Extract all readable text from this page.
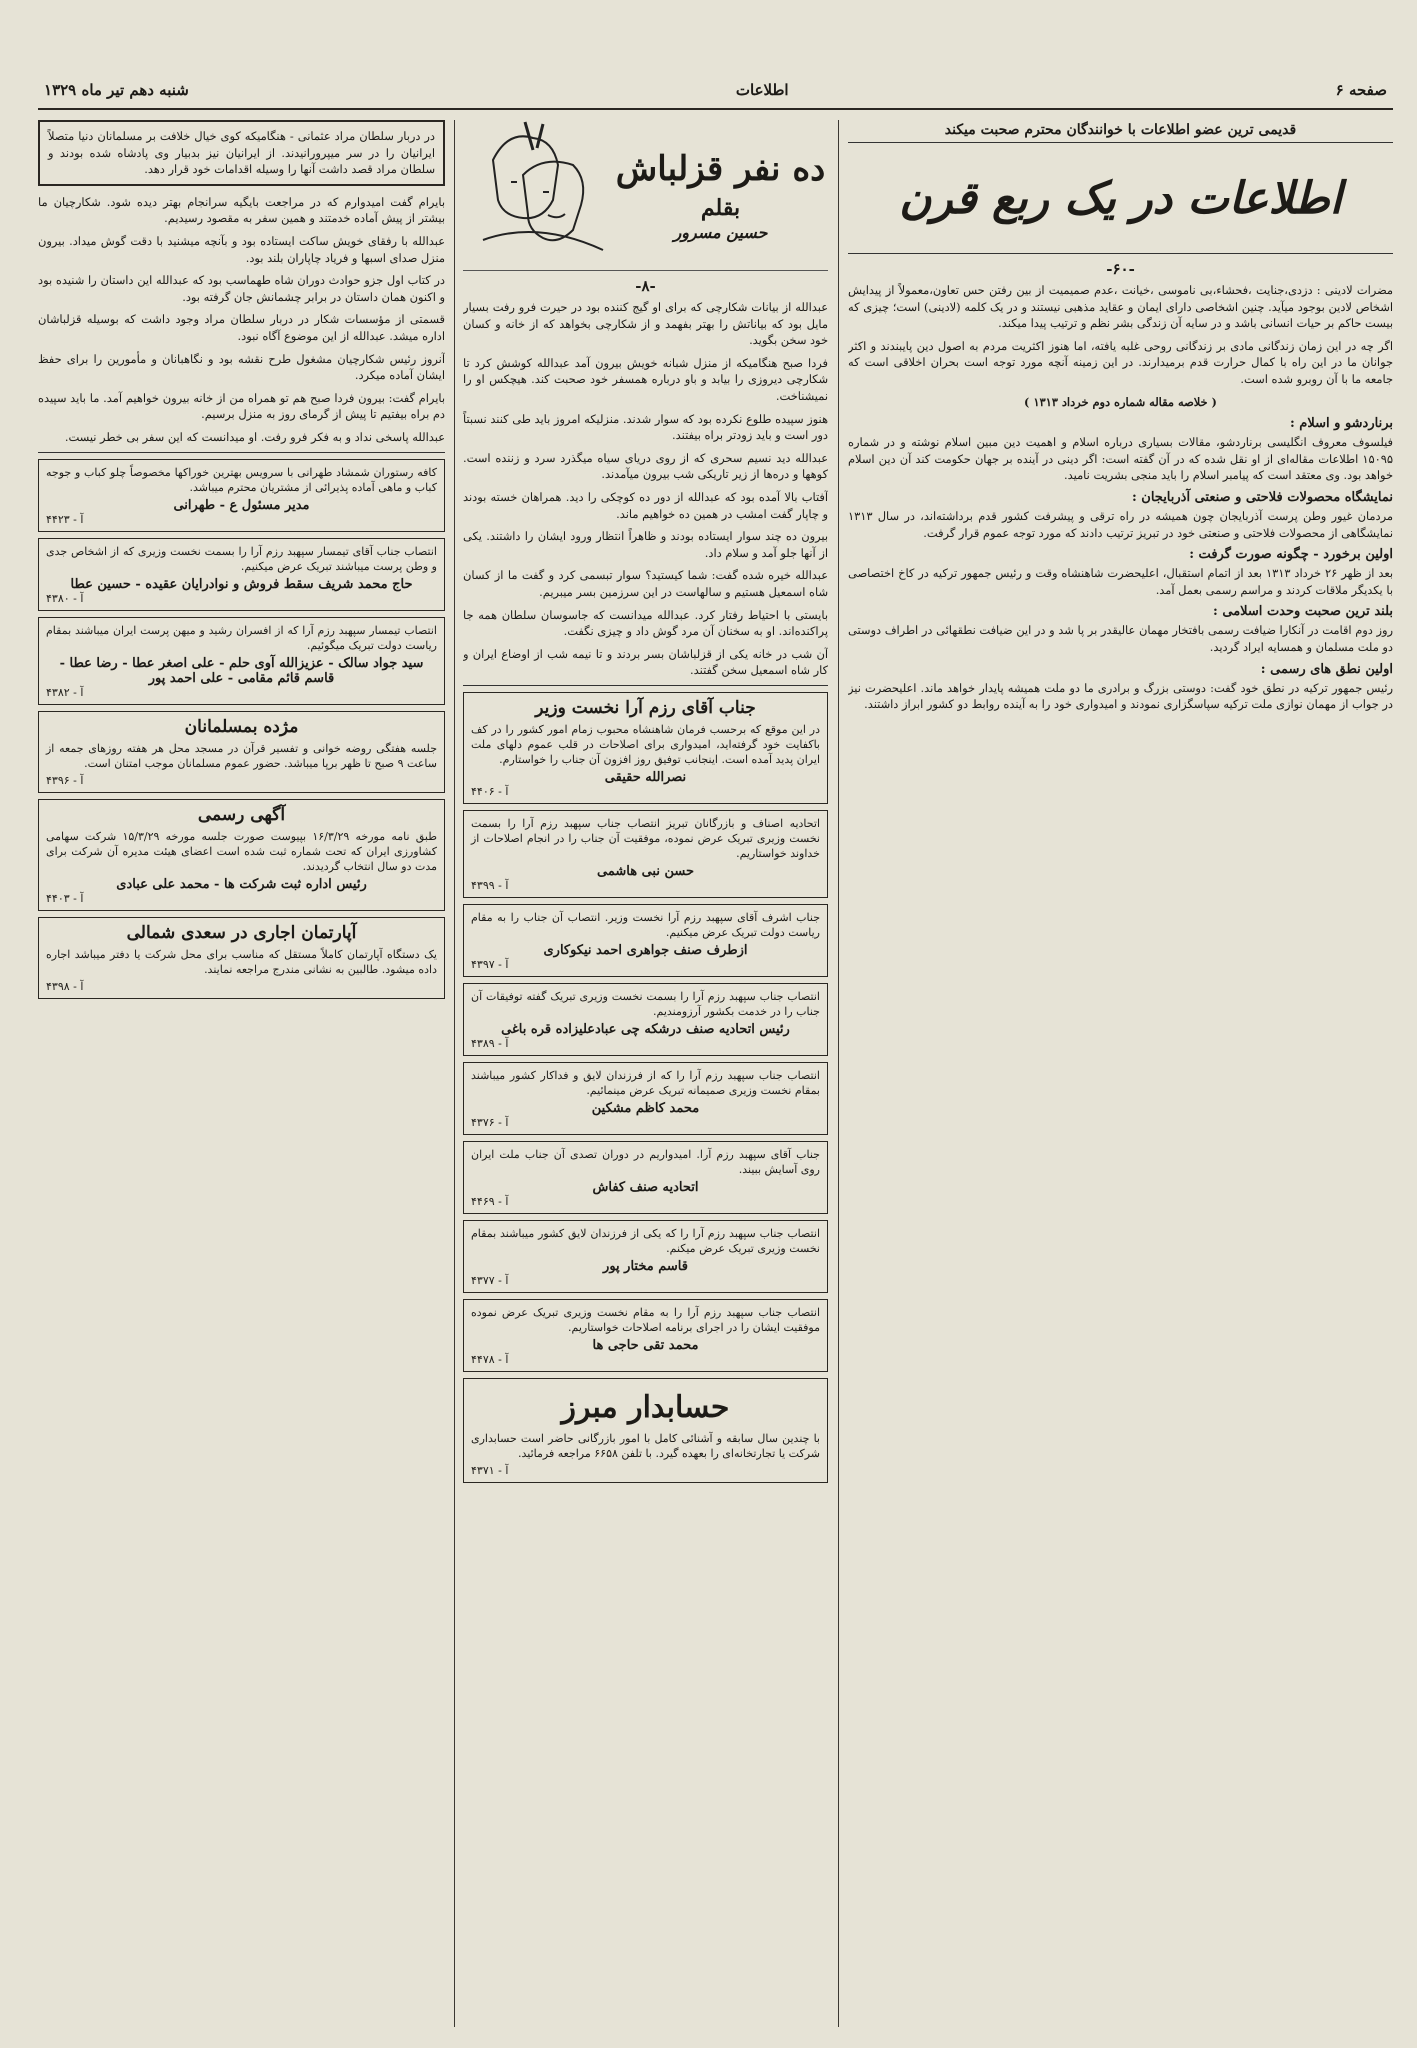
صفحه ۶
اطلاعات
شنبه دهم تیر ماه ۱۳۲۹
قدیمی ترین عضو اطلاعات با خوانندگان محترم صحبت میکند
اطلاعات در یک ربع قرن
-۶۰-

مضرات لادینی : دزدی،جنایت ،فحشاء،بی ناموسی ،خیانت ،عدم صمیمیت از بین رفتن حس تعاون،معمولاً از پیدایش اشخاص لادین بوجود میآید. چنین اشخاصی دارای ایمان و عقاید مذهبی نیستند و در یک کلمه (لادینی) است؛ چیزی که بیست حاکم بر حیات انسانی باشد و در سایه آن زندگی بشر نظم و ترتیب پیدا میکند.

اگر چه در این زمان زندگانی مادی بر زندگانی روحی غلبه یافته، اما هنوز اکثریت مردم به اصول دین پایبندند و اکثر جوانان ما در این راه با کمال حرارت قدم برمیدارند. در این زمینه آنچه مورد توجه است بحران اخلاقی است که جامعه ما با آن روبرو شده است.

( خلاصه مقاله شماره دوم خرداد ۱۳۱۳ )

برناردشو و اسلام :

فیلسوف معروف انگلیسی برناردشو، مقالات بسیاری درباره اسلام و اهمیت دین مبین اسلام نوشته و در شماره ۱۵۰۹۵ اطلاعات مقاله‌ای از او نقل شده که در آن گفته است: اگر دینی در آینده بر جهان حکومت کند آن دین اسلام خواهد بود. وی معتقد است که پیامبر اسلام را باید منجی بشریت نامید.

نمایشگاه محصولات فلاحتی و صنعتی آذربایجان :

مردمان غیور وطن پرست آذربایجان چون همیشه در راه ترقی و پیشرفت کشور قدم برداشته‌اند، در سال ۱۳۱۳ نمایشگاهی از محصولات فلاحتی و صنعتی خود در تبریز ترتیب دادند که مورد توجه عموم قرار گرفت.

اولین برخورد - چگونه صورت گرفت :

بعد از ظهر ۲۶ خرداد ۱۳۱۳ بعد از اتمام استقبال، اعلیحضرت شاهنشاه وقت و رئیس جمهور ترکیه در کاخ اختصاصی با یکدیگر ملاقات کردند و مراسم رسمی بعمل آمد.

بلند ترین صحبت وحدت اسلامی :

روز دوم اقامت در آنکارا ضیافت رسمی بافتخار مهمان عالیقدر بر پا شد و در این ضیافت نطقهائی در اطراف دوستی دو ملت مسلمان و همسایه ایراد گردید.

اولین نطق های رسمی :

رئیس جمهور ترکیه در نطق خود گفت: دوستی بزرگ و برادری ما دو ملت همیشه پایدار خواهد ماند. اعلیحضرت نیز در جواب از مهمان نوازی ملت ترکیه سپاسگزاری نمودند و امیدواری خود را به آینده روابط دو کشور ابراز داشتند.

ده نفر قزلباش
بقلم
حسین مسرور
-۸-

عبدالله از بیانات شکارچی که برای او گیج کننده بود در حیرت فرو رفت بسیار مایل بود که بیاناتش را بهتر بفهمد و از شکارچی بخواهد که از خانه و کسان خود سخن بگوید.

فردا صبح هنگامیکه از منزل شبانه خویش بیرون آمد عبدالله کوشش کرد تا شکارچی دیروزی را بیابد و باو درباره همسفر خود صحبت کند. هیچکس او را نمیشناخت.

هنوز سپیده طلوع نکرده بود که سوار شدند. منزلیکه امروز باید طی کنند نسبتاً دور است و باید زودتر براه بیفتند.

عبدالله دید نسیم سحری که از روی دریای سیاه میگذرد سرد و زننده است. کوهها و دره‌ها از زیر تاریکی شب بیرون میآمدند.

آفتاب بالا آمده بود که عبدالله از دور ده کوچکی را دید. همراهان خسته بودند و چاپار گفت امشب در همین ده خواهیم ماند.

بیرون ده چند سوار ایستاده بودند و ظاهراً انتظار ورود ایشان را داشتند. یکی از آنها جلو آمد و سلام داد.

عبدالله خیره شده گفت: شما کیستید؟ سوار تبسمی کرد و گفت ما از کسان شاه اسمعیل هستیم و سالهاست در این سرزمین بسر میبریم.

بایستی با احتیاط رفتار کرد. عبدالله میدانست که جاسوسان سلطان همه جا پراکنده‌اند. او به سخنان آن مرد گوش داد و چیزی نگفت.

آن شب در خانه یکی از قزلباشان بسر بردند و تا نیمه شب از اوضاع ایران و کار شاه اسمعیل سخن گفتند.

جناب آقای رزم آرا نخست وزیر

در این موقع که برحسب فرمان شاهنشاه محبوب زمام امور کشور را در کف باکفایت خود گرفته‌اید، امیدواری برای اصلاحات در قلب عموم دلهای ملت ایران پدید آمده است. اینجانب توفیق روز افزون آن جناب را خواستارم.

نصرالله حقیقی
۴۴۰۶ - آ

اتحادیه اصناف و بازرگانان تبریز انتصاب جناب سپهبد رزم آرا را بسمت نخست وزیری تبریک عرض نموده، موفقیت آن جناب را در انجام اصلاحات از خداوند خواستاریم.

حسن نبی هاشمی
۴۳۹۹ - آ

جناب اشرف آقای سپهبد رزم آرا نخست وزیر. انتصاب آن جناب را به مقام ریاست دولت تبریک عرض میکنیم.

ازطرف صنف جواهری احمد نیکوکاری
۴۳۹۷ - آ

انتصاب جناب سپهبد رزم آرا را بسمت نخست وزیری تبریک گفته توفیقات آن جناب را در خدمت بکشور آرزومندیم.

رئیس اتحادیه صنف درشکه چی عبادعلیزاده قره باغی
۴۳۸۹ - آ

انتصاب جناب سپهبد رزم آرا را که از فرزندان لایق و فداکار کشور میباشند بمقام نخست وزیری صمیمانه تبریک عرض مینمائیم.

محمد کاظم مشکین
۴۳۷۶ - آ

جناب آقای سپهبد رزم آرا. امیدواریم در دوران تصدی آن جناب ملت ایران روی آسایش ببیند.

اتحادیه صنف کفاش
۴۴۶۹ - آ

انتصاب جناب سپهبد رزم آرا را که یکی از فرزندان لایق کشور میباشند بمقام نخست وزیری تبریک عرض میکنم.

قاسم مختار پور
۴۳۷۷ - آ

انتصاب جناب سپهبد رزم آرا را به مقام نخست وزیری تبریک عرض نموده موفقیت ایشان را در اجرای برنامه اصلاحات خواستاریم.

محمد تقی حاجی ها
۴۴۷۸ - آ
حسابدار مبرز

با چندین سال سابقه و آشنائی کامل با امور بازرگانی حاضر است حسابداری شرکت یا تجارتخانه‌ای را بعهده گیرد. با تلفن ۶۶۵۸ مراجعه فرمائید.

۴۳۷۱ - آ

در دربار سلطان مراد عثمانی - هنگامیکه کوی خیال خلافت بر مسلمانان دنیا متصلاً ایرانیان را در سر میپرورانیدند. از ایرانیان نیز بدبیار وی پادشاه شده بودند و سلطان مراد قصد داشت آنها را وسیله اقدامات خود قرار دهد.

بایرام گفت امیدوارم که در مراجعت بایگیه سرانجام بهتر دیده شود. شکارچیان ما بیشتر از پیش آماده خدمتند و همین سفر به مقصود رسیدیم.

عبدالله با رفقای خویش ساکت ایستاده بود و بآنچه میشنید با دقت گوش میداد. بیرون منزل صدای اسبها و فریاد چاپاران بلند بود.

در کتاب اول جزو حوادث دوران شاه طهماسب بود که عبدالله این داستان را شنیده بود و اکنون همان داستان در برابر چشمانش جان گرفته بود.

قسمتی از مؤسسات شکار در دربار سلطان مراد وجود داشت که بوسیله قزلباشان اداره میشد. عبدالله از این موضوع آگاه نبود.

آنروز رئیس شکارچیان مشغول طرح نقشه بود و نگاهبانان و مأمورین را برای حفظ ایشان آماده میکرد.

بایرام گفت: بیرون فردا صبح هم تو همراه من از خانه بیرون خواهیم آمد. ما باید سپیده دم براه بیفتیم تا پیش از گرمای روز به منزل برسیم.

عبدالله پاسخی نداد و به فکر فرو رفت. او میدانست که این سفر بی خطر نیست.

کافه رستوران شمشاد طهرانی با سرویس بهترین خوراکها مخصوصاً چلو کباب و جوجه کباب و ماهی آماده پذیرائی از مشتریان محترم میباشد.

مدیر مسئول ع - طهرانی
۴۴۲۳ - آ

انتصاب جناب آقای تیمسار سپهبد رزم آرا را بسمت نخست وزیری که از اشخاص جدی و وطن پرست میباشند تبریک عرض میکنیم.

حاج محمد شریف سقط فروش و نوادرایان عقیده - حسین عطا
۴۳۸۰ - آ

انتصاب تیمسار سپهبد رزم آرا که از افسران رشید و میهن پرست ایران میباشند بمقام ریاست دولت تبریک میگوئیم.

سید جواد سالک - عزیزالله آوی حلم - علی اصغر عطا - رضا عطا - قاسم قائم مقامی - علی احمد پور
۴۳۸۲ - آ
مژده بمسلمانان

جلسه هفتگی روضه خوانی و تفسیر قرآن در مسجد محل هر هفته روزهای جمعه از ساعت ۹ صبح تا ظهر برپا میباشد. حضور عموم مسلمانان موجب امتنان است.

۴۳۹۶ - آ
آگهی رسمی

طبق نامه مورخه ۱۶/۳/۲۹ بپیوست صورت جلسه مورخه ۱۵/۳/۲۹ شرکت سهامی کشاورزی ایران که تحت شماره ثبت شده است اعضای هیئت مدیره آن شرکت برای مدت دو سال انتخاب گردیدند.

رئیس اداره ثبت شرکت ها - محمد علی عبادی
۴۴۰۳ - آ
آپارتمان اجاری در سعدی شمالی

یک دستگاه آپارتمان کاملاً مستقل که مناسب برای محل شرکت یا دفتر میباشد اجاره داده میشود. طالبین به نشانی مندرج مراجعه نمایند.

۴۳۹۸ - آ
